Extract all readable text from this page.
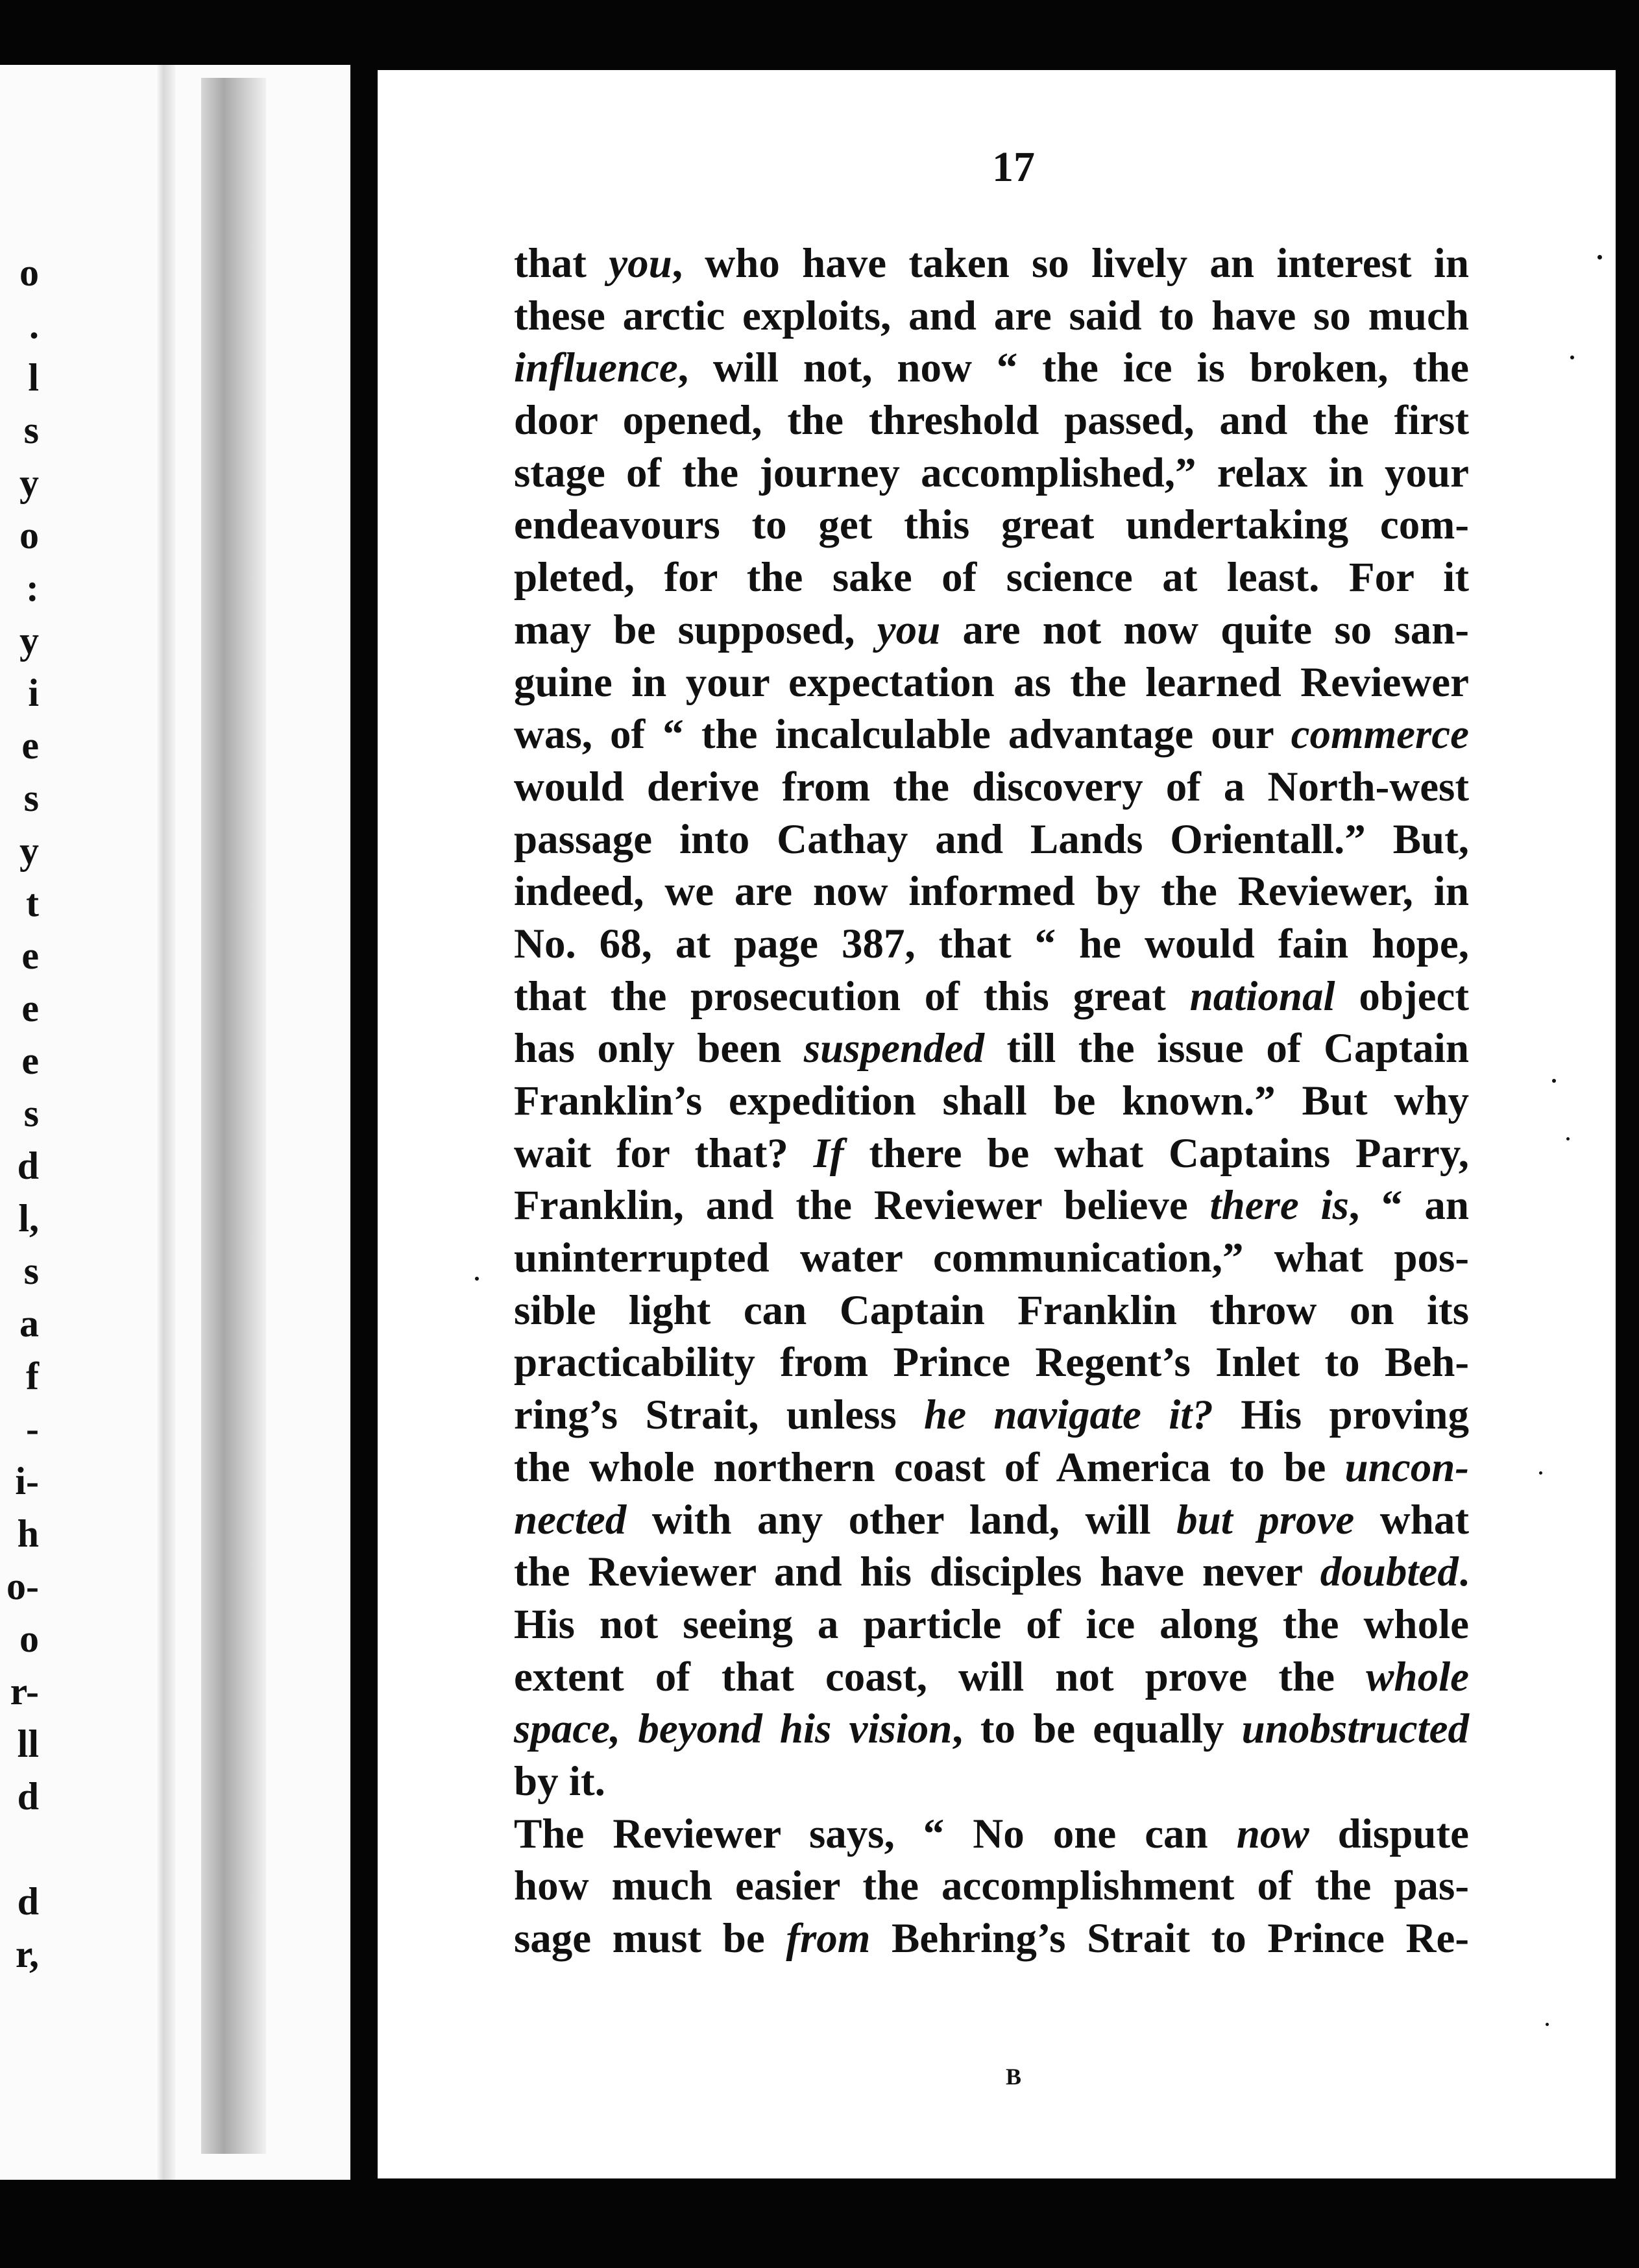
o
.
l
s
y
o
:
y
i
e
s
y
t
e
e
e
s
d
l,
s
a
f
-
i-
h
o-
o
r-
ll
d
d
r,
17
that you, who have taken so lively an interest in
these arctic exploits, and are said to have so much
influence, will not, now “ the ice is broken, the
door opened, the threshold passed, and the first
stage of the journey accomplished,” relax in your
endeavours to get this great undertaking com-
pleted, for the sake of science at least. For it
may be supposed, you are not now quite so san-
guine in your expectation as the learned Reviewer
was, of “ the incalculable advantage our commerce
would derive from the discovery of a North-west
passage into Cathay and Lands Orientall.” But,
indeed, we are now informed by the Reviewer, in
No. 68, at page 387, that “ he would fain hope,
that the prosecution of this great national object
has only been suspended till the issue of Captain
Franklin’s expedition shall be known.” But why
wait for that? If there be what Captains Parry,
Franklin, and the Reviewer believe there is, “ an
uninterrupted water communication,” what pos-
sible light can Captain Franklin throw on its
practicability from Prince Regent’s Inlet to Beh-
ring’s Strait, unless he navigate it? His proving
the whole northern coast of America to be uncon-
nected with any other land, will but prove what
the Reviewer and his disciples have never doubted.
His not seeing a particle of ice along the whole
extent of that coast, will not prove the whole
space, beyond his vision, to be equally unobstructed
by it.
The Reviewer says, “ No one can now dispute
how much easier the accomplishment of the pas-
sage must be from Behring’s Strait to Prince Re-
B
